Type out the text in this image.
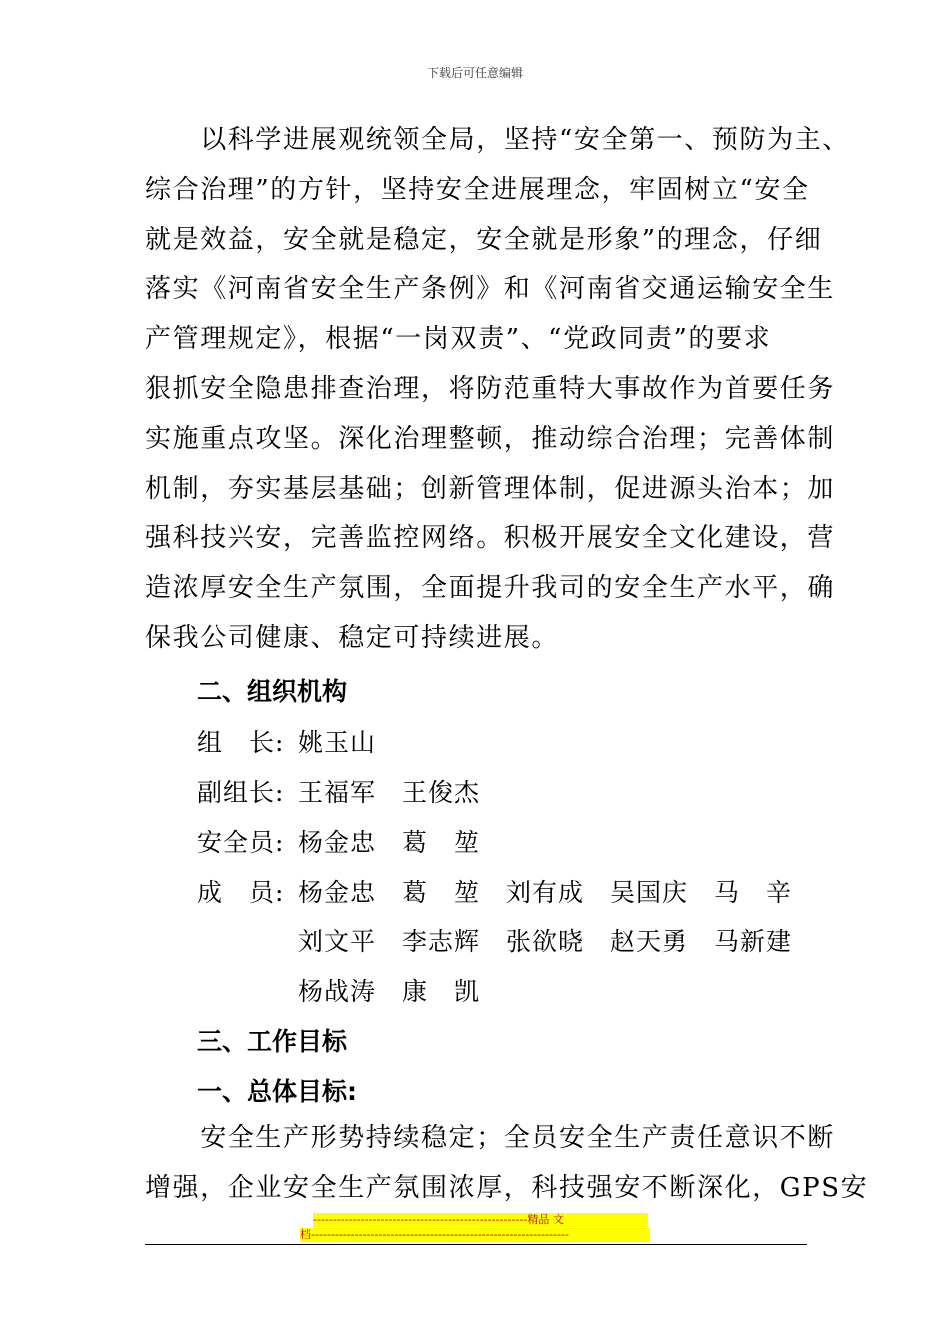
下载后可任意编辑
　　以科学进展观统领全局，坚持“安全第一、预防为主、
综合治理”的方针，坚持安全进展理念，牢固树立“安全
就是效益，安全就是稳定，安全就是形象”的理念，仔细
落实《河南省安全生产条例》和《河南省交通运输安全生
产管理规定》，根据“一岗双责”、“党政同责”的要求
狠抓安全隐患排查治理，将防范重特大事故作为首要任务
实施重点攻坚。深化治理整顿，推动综合治理；完善体制
机制，夯实基层基础；创新管理体制，促进源头治本；加
强科技兴安，完善监控网络。积极开展安全文化建设，营
造浓厚安全生产氛围，全面提升我司的安全生产水平，确
保我公司健康、稳定可持续进展。
二、组织机构
组　长: 姚玉山
副组长: 王福军　王俊杰
安全员: 杨金忠　葛　堃
成　员: 杨金忠　葛　堃　刘有成　吴国庆　马　辛
刘文平　李志辉　张欲晓　赵天勇　马新建
杨战涛　康　凯
三、工作目标
一、总体目标:
　　安全生产形势持续稳定；全员安全生产责任意识不断
增强，企业安全生产氛围浓厚，科技强安不断深化，GPS安
------------------------------------------------------精品 文
档-----------------------------------------------------------------
